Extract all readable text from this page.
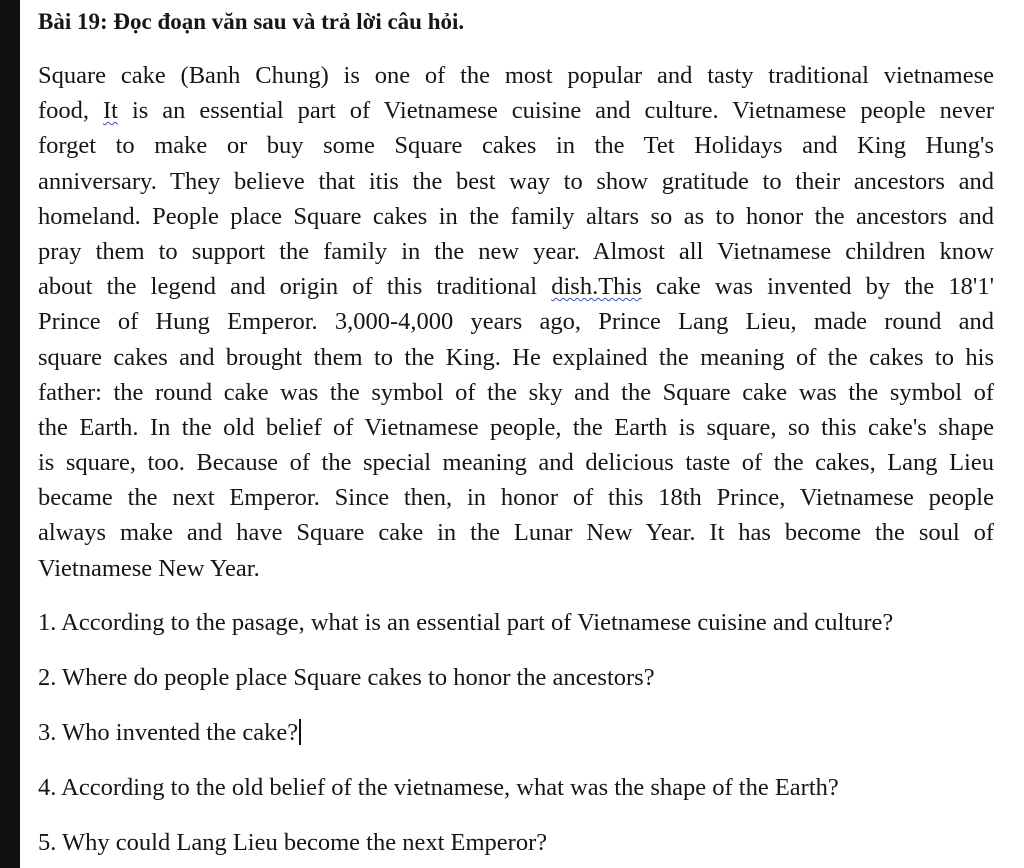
Bài 19: Đọc đoạn văn sau và trả lời câu hỏi.
Square cake (Banh Chung) is one of the most popular and tasty traditional vietnamese
food, It is an essential part of Vietnamese cuisine and culture. Vietnamese people never
forget to make or buy some Square cakes in the Tet Holidays and King Hung's
anniversary. They believe that itis the best way to show gratitude to their ancestors and
homeland. People place Square cakes in the family altars so as to honor the ancestors and
pray them to support the family in the new year. Almost all Vietnamese children know
about the legend and origin of this traditional dish.This cake was invented by the 18'1'
Prince of Hung Emperor. 3,000-4,000 years ago, Prince Lang Lieu, made round and
square cakes and brought them to the King. He explained the meaning of the cakes to his
father: the round cake was the symbol of the sky and the Square cake was the symbol of
the Earth. In the old belief of Vietnamese people, the Earth is square, so this cake's shape
is square, too. Because of the special meaning and delicious taste of the cakes, Lang Lieu
became the next Emperor. Since then, in honor of this 18th Prince, Vietnamese people
always make and have Square cake in the Lunar New Year. It has become the soul of
Vietnamese New Year.
1. According to the pasage, what is an essential part of Vietnamese cuisine and culture?
2. Where do people place Square cakes to honor the ancestors?
3. Who invented the cake?
4. According to the old belief of the vietnamese, what was the shape of the Earth?
5. Why could Lang Lieu become the next Emperor?
